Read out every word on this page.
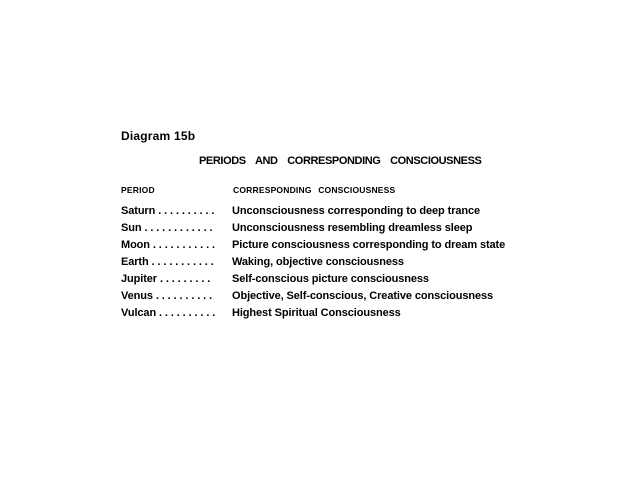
Diagram 15b
PERIODS AND CORRESPONDING CONSCIOUSNESS
PERIOD	CORRESPONDING CONSCIOUSNESS
Saturn . . . . . . . . . . Unconsciousness corresponding to deep trance
Sun . . . . . . . . . . . . Unconsciousness resembling dreamless sleep
Moon . . . . . . . . . . . Picture consciousness corresponding to dream state
Earth . . . . . . . . . . . Waking, objective consciousness
Jupiter . . . . . . . . . Self-conscious picture consciousness
Venus . . . . . . . . . . Objective, Self-conscious, Creative consciousness
Vulcan . . . . . . . . . . Highest Spiritual Consciousness
